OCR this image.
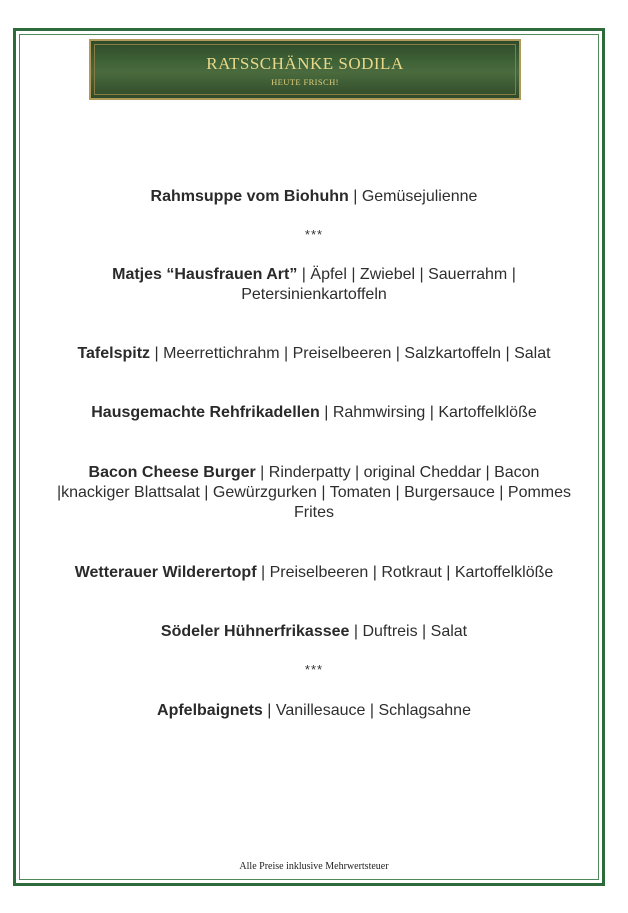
RATSSCHÄNKE SODILA
HEUTE FRISCH!
Rahmsuppe vom Biohuhn | Gemüsejulienne
***
Matjes “Hausfrauen Art” | Äpfel | Zwiebel | Sauerrahm | Petersinienkartoffeln
Tafelspitz | Meerrettichrahm | Preiselbeeren | Salzkartoffeln | Salat
Hausgemachte Rehfrikadellen | Rahmwirsing | Kartoffelklöße
Bacon Cheese Burger | Rinderpatty | original Cheddar | Bacon |knackiger Blattsalat | Gewürzgurken | Tomaten | Burgersauce | Pommes Frites
Wetterauer Wilderertopf | Preiselbeeren | Rotkraut | Kartoffelklöße
Södeler Hühnerfrikassee | Duftreis | Salat
***
Apfelbaignets | Vanillesauce | Schlagsahne
Alle Preise inklusive Mehrwertsteuer
